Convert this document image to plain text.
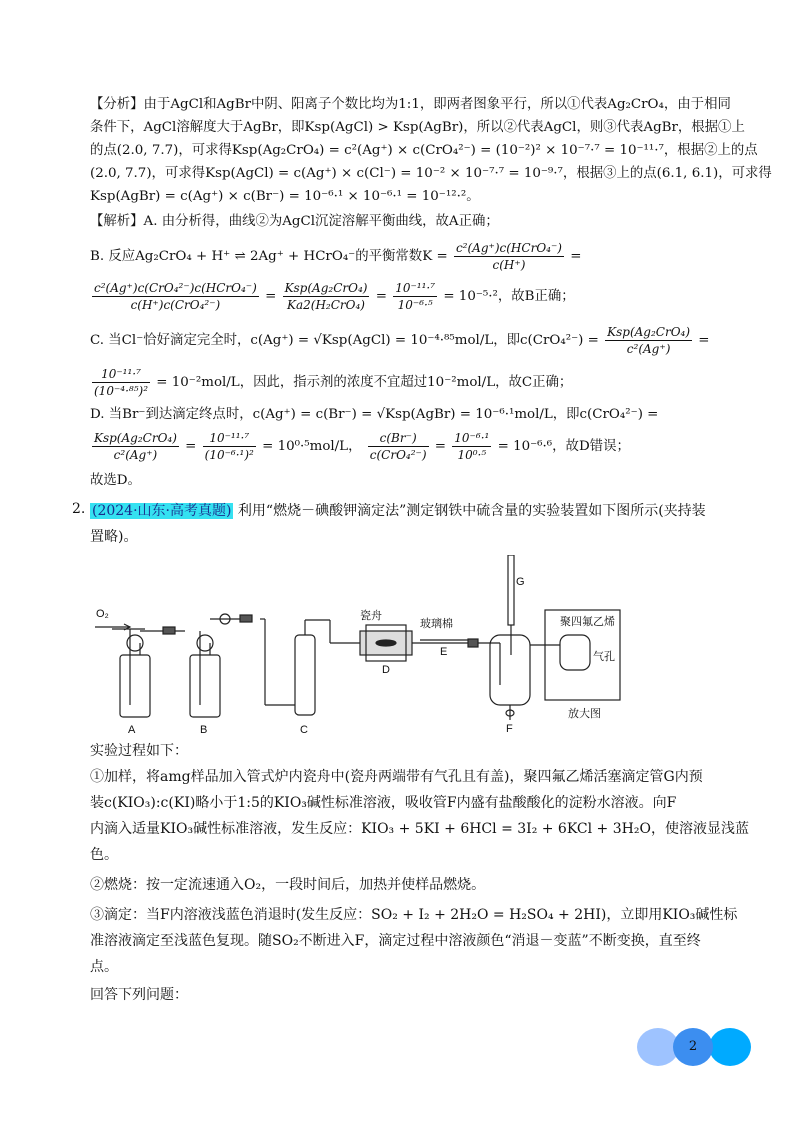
【分析】由于AgCl和AgBr中阴、阳离子个数比均为1:1，即两者图象平行，所以①代表Ag₂CrO₄，由于相同
条件下，AgCl溶解度大于AgBr，即Ksp(AgCl) > Ksp(AgBr)，所以②代表AgCl，则③代表AgBr，根据①上
的点(2.0, 7.7)，可求得Ksp(Ag₂CrO₄) = c²(Ag⁺) × c(CrO₄²⁻) = (10⁻²)² × 10⁻⁷·⁷ = 10⁻¹¹·⁷，根据②上的点
(2.0, 7.7)，可求得Ksp(AgCl) = c(Ag⁺) × c(Cl⁻) = 10⁻² × 10⁻⁷·⁷ = 10⁻⁹·⁷，根据③上的点(6.1, 6.1)，可求得
Ksp(AgBr) = c(Ag⁺) × c(Br⁻) = 10⁻⁶·¹ × 10⁻⁶·¹ = 10⁻¹²·²。
【解析】A. 由分析得，曲线②为AgCl沉淀溶解平衡曲线，故A正确；
B. 反应Ag₂CrO₄ + H⁺ ⇌ 2Ag⁺ + HCrO₄⁻的平衡常数$K = \frac{\text{c²(Ag⁺)c(HCrO₄⁻)}}{c(H^+)}$ =
$\frac{\text{c²(Ag⁺)c(CrO₄²⁻)c(HCrO₄⁻)}}{\text{c(H⁺)c(CrO₄²⁻)}} = \frac{\text{Ksp(Ag₂CrO₄)}}{\text{Ka2(H₂CrO₄)}} = \frac{\text{10⁻¹¹·⁷}}{\text{10⁻⁶·⁵}} = 10^{-5}\cdot^2$，故B正确；
C. 当Cl⁻恰好滴定完全时，c(Ag⁺) = √Ksp(AgCl) = 10⁻⁴·⁸⁵mol/L，即$c(CrO_4^{2-}) = \frac{\text{Ksp(Ag₂CrO₄)}}{\text{c²(Ag⁺)}}$ =
$\frac{\text{10⁻¹¹·⁷}}{\text{(10⁻⁴·⁸⁵)²}} = 10^{-2}mol/L$，因此，指示剂的浓度不宜超过10⁻²mol/L，故C正确；
D. 当Br⁻到达滴定终点时，c(Ag⁺) = c(Br⁻) = √Ksp(AgBr) = 10⁻⁶·¹mol/L，即c(CrO₄²⁻) =
$\frac{\text{Ksp(Ag₂CrO₄)}}{\text{c²(Ag⁺)}} = \frac{\text{10⁻¹¹·⁷}}{\text{(10⁻⁶·¹)²}} = 10^0\cdot^5mol/L$， $\frac{c(Br^-)}{\text{c(CrO₄²⁻)}} = \frac{\text{10⁻⁶·¹}}{\text{10⁰·⁵}} = 10^{-6}\cdot^6$，故D错误；
故选D。
2. (2024·山东·高考真题) 利用“燃烧－碘酸钾滴定法”测定钢铁中硫含量的实验装置如下图所示(夹持装
置略)。
O₂
A	B	C
D
E
F
G
瓷舟
玻璃棉	聚四氟乙烯
气孔
放大图
实验过程如下：
①加样，将amg样品加入管式炉内瓷舟中(瓷舟两端带有气孔且有盖)，聚四氟乙烯活塞滴定管G内预
装c(KIO₃):c(KI)略小于1:5的KIO₃碱性标准溶液，吸收管F内盛有盐酸酸化的淀粉水溶液。向F
内滴入适量KIO₃碱性标准溶液，发生反应：KIO₃ + 5KI + 6HCl = 3I₂ + 6KCl + 3H₂O，使溶液显浅蓝
色。
②燃烧：按一定流速通入O₂，一段时间后，加热并使样品燃烧。
③滴定：当F内溶液浅蓝色消退时(发生反应：SO₂ + I₂ + 2H₂O = H₂SO₄ + 2HI)，立即用KIO₃碱性标
准溶液滴定至浅蓝色复现。随SO₂不断进入F，滴定过程中溶液颜色“消退－变蓝”不断变换，直至终
点。
回答下列问题：
2
